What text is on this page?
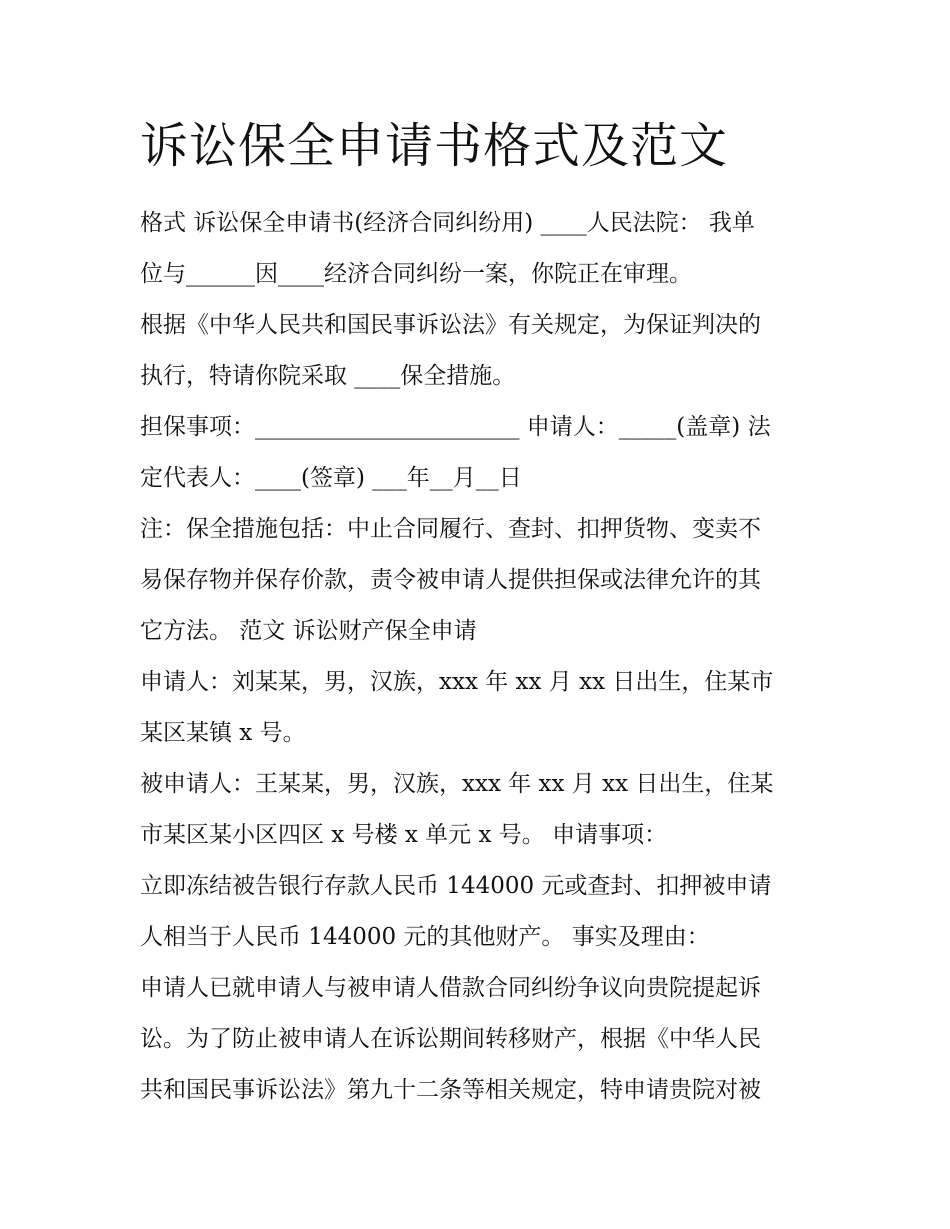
诉讼保全申请书格式及范文
格式 诉讼保全申请书(经济合同纠纷用) ____人民法院： 我单
位与______因____经济合同纠纷一案，你院正在审理。
根据《中华人民共和国民事诉讼法》有关规定，为保证判决的
执行，特请你院采取 ____保全措施。
担保事项：_______________________ 申请人：_____(盖章) 法
定代表人：____(签章) ___年__月__日
注：保全措施包括：中止合同履行、查封、扣押货物、变卖不
易保存物并保存价款，责令被申请人提供担保或法律允许的其
它方法。 范文 诉讼财产保全申请
申请人：刘某某，男，汉族，xxx 年 xx 月 xx 日出生，住某市
某区某镇 x 号。
被申请人：王某某，男，汉族，xxx 年 xx 月 xx 日出生，住某
市某区某小区四区 x 号楼 x 单元 x 号。 申请事项：
立即冻结被告银行存款人民币 144000 元或查封、扣押被申请
人相当于人民币 144000 元的其他财产。 事实及理由：
申请人已就申请人与被申请人借款合同纠纷争议向贵院提起诉
讼。为了防止被申请人在诉讼期间转移财产，根据《中华人民
共和国民事诉讼法》第九十二条等相关规定，特申请贵院对被
